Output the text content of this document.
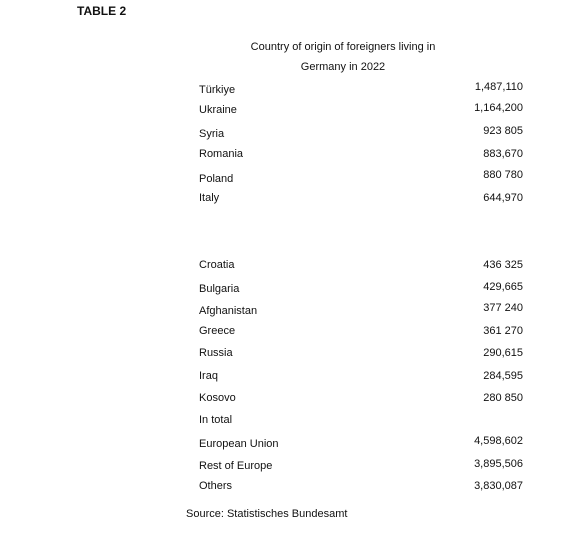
TABLE 2
Country of origin of foreigners living in
Germany in 2022
Türkiye	1,487,110
Ukraine	1,164,200
Syria	923 805
Romania	883,670
Poland	880 780
Italy	644,970
Croatia	436 325
Bulgaria	429,665
Afghanistan	377 240
Greece	361 270
Russia	290,615
Iraq	284,595
Kosovo	280 850
In total
European Union	4,598,602
Rest of Europe	3,895,506
Others	3,830,087
Source: Statistisches Bundesamt
